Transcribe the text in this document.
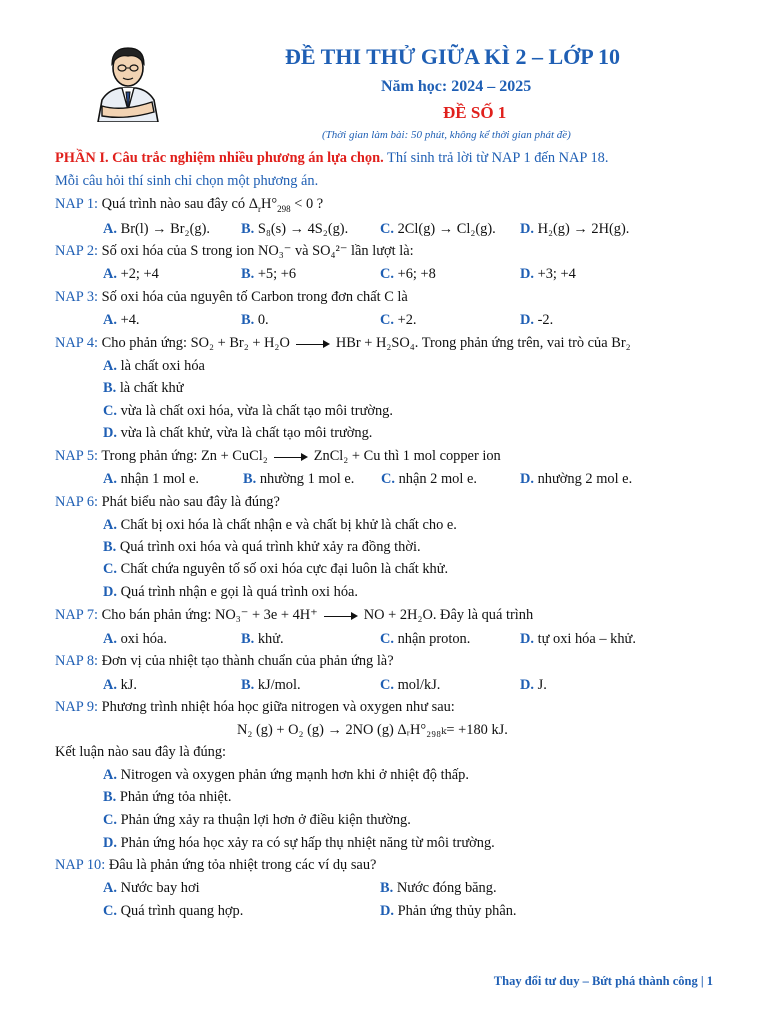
ĐỀ THI THỬ GIỮA KÌ 2 – LỚP 10
Năm học: 2024 – 2025
ĐỀ SỐ 1
(Thời gian làm bài: 50 phút, không kể thời gian phát đề)
PHẦN I. Câu trắc nghiệm nhiều phương án lựa chọn. Thí sinh trả lời từ NAP 1 đến NAP 18.
Mỗi câu hỏi thí sinh chỉ chọn một phương án.
NAP 1: Quá trình nào sau đây có $\Delta_rH^\circ_{298} < 0$ ?
A. Br(l) → Br₂(g). B. S₈(s) → 4S₂(g). C. 2Cl(g) → Cl₂(g). D. H₂(g) → 2H(g).
NAP 2: Số oxi hóa của S trong ion NO₃⁻ và SO₄²⁻ lần lượt là:
A. +2; +4	B. +5; +6	C. +6; +8	D. +3; +4
NAP 3: Số oxi hóa của nguyên tố Carbon trong đơn chất C là
A. +4.	B. 0.	C. +2.	D. -2.
NAP 4: Cho phản ứng: SO₂ + Br₂ + H₂O	HBr + H₂SO₄. Trong phản ứng trên, vai trò của Br₂
A. là chất oxi hóa
B. là chất khử
C. vừa là chất oxi hóa, vừa là chất tạo môi trường.
D. vừa là chất khử, vừa là chất tạo môi trường.
NAP 5: Trong phản ứng: Zn + CuCl₂	ZnCl₂ + Cu thì 1 mol copper ion
A. nhận 1 mol e.	B. nhường 1 mol e. C. nhận 2 mol e.	D. nhường 2 mol e.
NAP 6: Phát biểu nào sau đây là đúng?
A. Chất bị oxi hóa là chất nhận e và chất bị khử là chất cho e.
B. Quá trình oxi hóa và quá trình khử xảy ra đồng thời.
C. Chất chứa nguyên tố số oxi hóa cực đại luôn là chất khử.
D. Quá trình nhận e gọi là quá trình oxi hóa.
NAP 7: Cho bán phản ứng: NO₃⁻ + 3e + 4H⁺	NO + 2H₂O. Đây là quá trình
A. oxi hóa.	B. khử.	C. nhận proton.	D. tự oxi hóa – khử.
NAP 8: Đơn vị của nhiệt tạo thành chuẩn của phản ứng là?
A. kJ.	B. kJ/mol.	C. mol/kJ.	D. J.
NAP 9: Phương trình nhiệt hóa học giữa nitrogen và oxygen như sau:
N₂ (g) + O₂ (g) → 2NO (g) ΔᵣH°₂₉₈ₖ= +180 kJ.
Kết luận nào sau đây là đúng:
A. Nitrogen và oxygen phản ứng mạnh hơn khi ở nhiệt độ thấp.
B. Phản ứng tỏa nhiệt.
C. Phản ứng xảy ra thuận lợi hơn ở điều kiện thường.
D. Phản ứng hóa học xảy ra có sự hấp thụ nhiệt năng từ môi trường.
NAP 10: Đâu là phản ứng tỏa nhiệt trong các ví dụ sau?
A. Nước bay hơi	B. Nước đóng băng.
C. Quá trình quang hợp.	D. Phản ứng thủy phân.
Thay đổi tư duy – Bứt phá thành công | 1
